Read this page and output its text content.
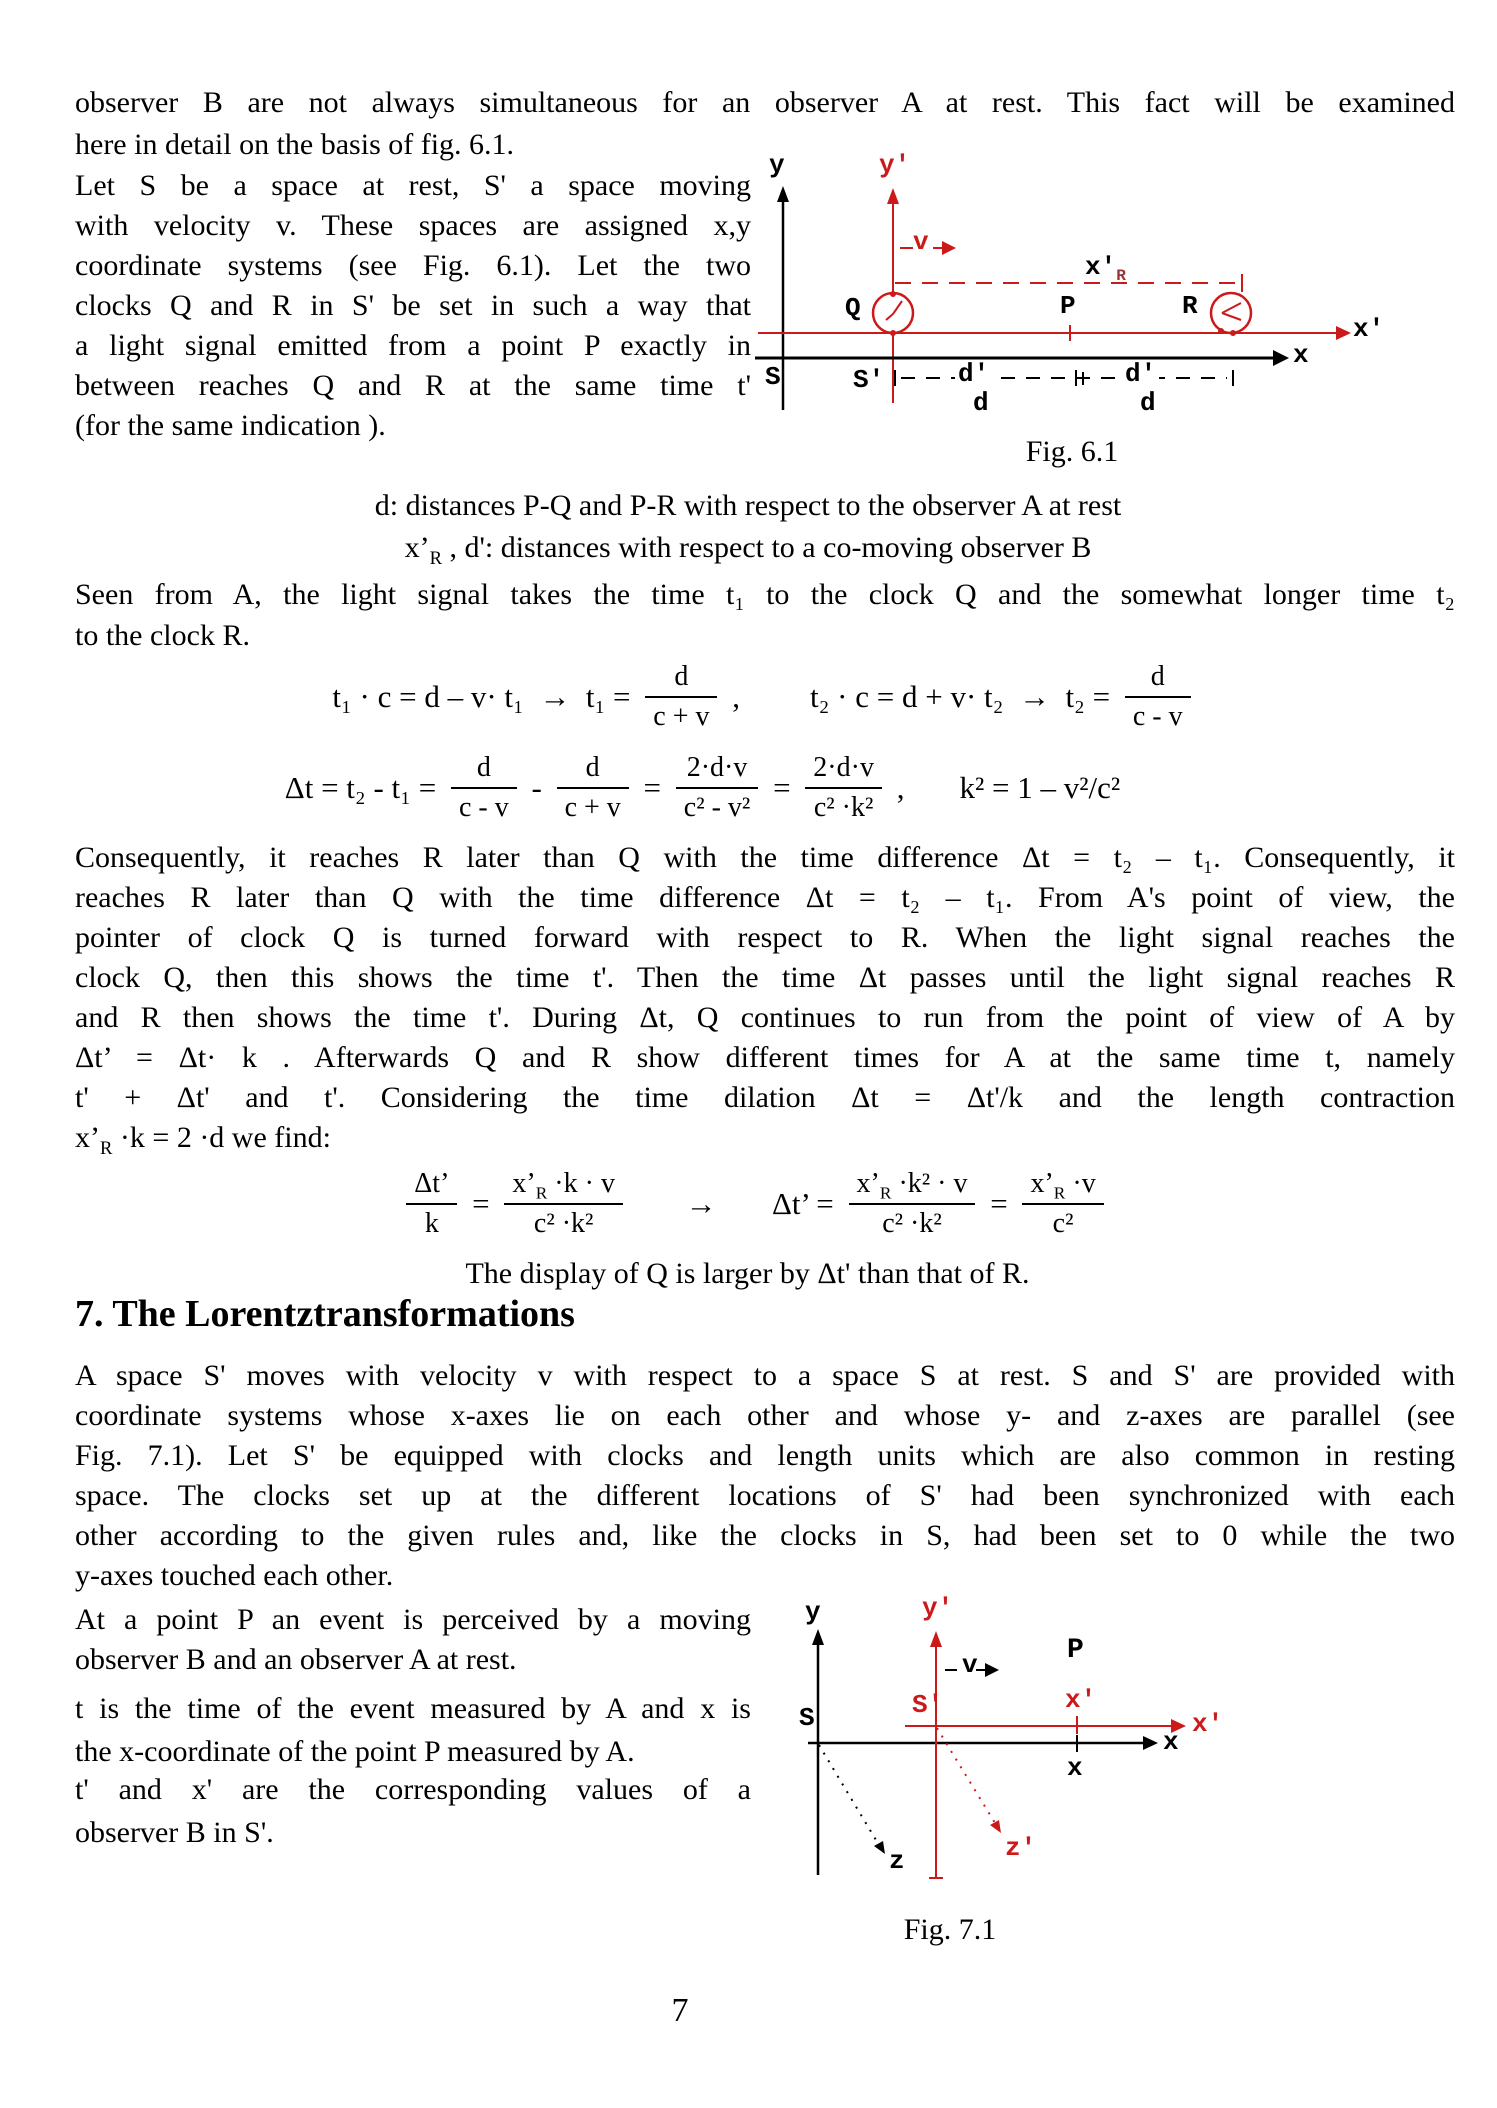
observer B are not always simultaneous for an observer A at rest. This fact will be examined
here in detail on the basis of fig. 6.1.
Let S be a space at rest, S' a space moving
with velocity v. These spaces are assigned x,y
coordinate systems (see Fig. 6.1). Let the two
clocks Q and R in S' be set in such a way that
a light signal emitted from a point P exactly in
between reaches Q and R at the same time t'
(for the same indication ).
y	y'
v
$x'_R$
Q	P	R
x'
x
S	S'	d'	d'
d	d
Fig. 6.1
d: distances P-Q and P-R with respect to the observer A at rest
$x’_R$ , d': distances with respect to a co-moving observer B
Seen from A, the light signal takes the time t₁ to the clock Q and the somewhat longer time t₂
to the clock R.
$t_1 \cdot c = d - v\cdot t_1 \to t_1 = \frac{d}{c + v}$ , $t_2 \cdot c = d + v\cdot t_2 \to t_2 = \frac{d}{c - v}$
$\Delta t = t_2 - t_1 = \frac{d}{c - v} - \frac{d}{c + v} = \frac{2\cdot d\cdot v}{\text{c² - v²}} = \frac{2\cdot d\cdot v}{\text{c² ·k²}}$ , k² = 1 – v²/c²
Consequently, it reaches R later than Q with the time difference Δt = t₂ – t₁. Consequently, it
reaches R later than Q with the time difference Δt = t₂ – t₁. From A's point of view, the
pointer of clock Q is turned forward with respect to R. When the light signal reaches the
clock Q, then this shows the time t'. Then the time Δt passes until the light signal reaches R
and R then shows the time t'. During Δt, Q continues to run from the point of view of A by
Δt’ = Δt· k . Afterwards Q and R show different times for A at the same time t, namely
t' + Δt' and t'. Considering the time dilation Δt = Δt'/k and the length contraction
$x’_R \cdot k = 2 \cdot d$ we find:
$\frac{\Delta t’}{k} = \frac{x’_R \cdot k \cdot v}{\text{c² ·k²}} \to \Delta t$’ = $\frac{x’_R \cdot k^2 \cdot v}{\text{c² ·k²}} = \frac{x’_R \cdot v}{\text{c²}}$
The display of Q is larger by Δt' than that of R.
7. The Lorentztransformations
A space S' moves with velocity v with respect to a space S at rest. S and S' are provided with
coordinate systems whose x-axes lie on each other and whose y- and z-axes are parallel (see
Fig. 7.1). Let S' be equipped with clocks and length units which are also common in resting
space. The clocks set up at the different locations of S' had been synchronized with each
other according to the given rules and, like the clocks in S, had been set to 0 while the two
y-axes touched each other.
At a point P an event is perceived by a moving
observer B and an observer A at rest.
t is the time of the event measured by A and x is
the x-coordinate of the point P measured by A.
t' and x' are the corresponding values of a
observer B in S'.
y	y'
S	S'
v	P
x'
x'
x
x
z	z'
Fig. 7.1
7
